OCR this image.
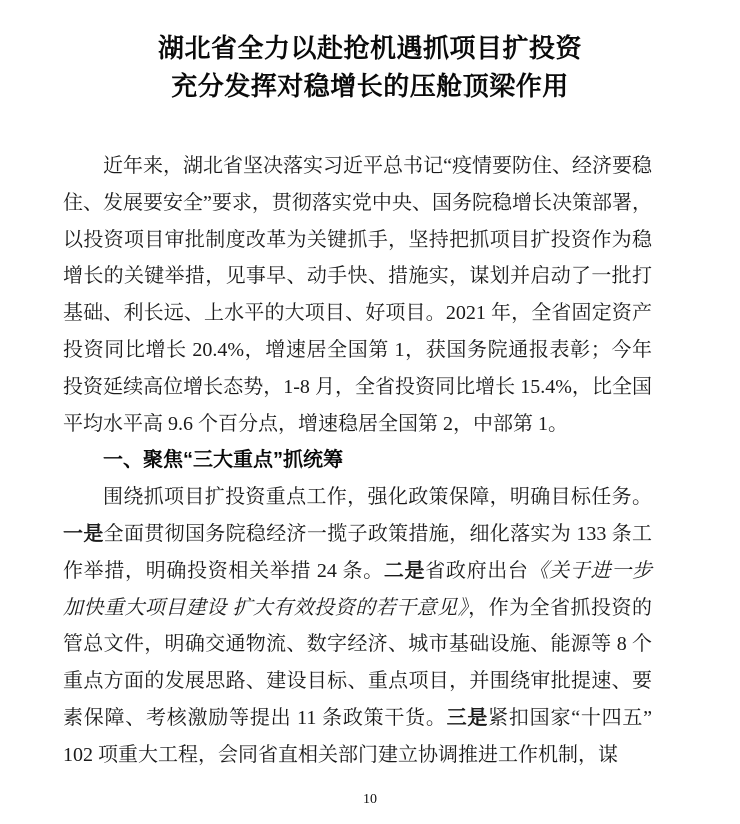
湖北省全力以赴抢机遇抓项目扩投资
充分发挥对稳增长的压舱顶梁作用

近年来，湖北省坚决落实习近平总书记“疫情要防住、经济要稳住、发展要安全”要求，贯彻落实党中央、国务院稳增长决策部署，以投资项目审批制度改革为关键抓手，坚持把抓项目扩投资作为稳增长的关键举措，见事早、动手快、措施实，谋划并启动了一批打基础、利长远、上水平的大项目、好项目。2021 年，全省固定资产投资同比增长 20.4%，增速居全国第 1，获国务院通报表彰；今年投资延续高位增长态势，1-8 月，全省投资同比增长 15.4%，比全国平均水平高 9.6 个百分点，增速稳居全国第 2，中部第 1。

一、聚焦“三大重点”抓统筹

围绕抓项目扩投资重点工作，强化政策保障，明确目标任务。一是全面贯彻国务院稳经济一揽子政策措施，细化落实为 133 条工作举措，明确投资相关举措 24 条。二是省政府出台《关于进一步加快重大项目建设 扩大有效投资的若干意见》，作为全省抓投资的管总文件，明确交通物流、数字经济、城市基础设施、能源等 8 个重点方面的发展思路、建设目标、重点项目，并围绕审批提速、要素保障、考核激励等提出 11 条政策干货。三是紧扣国家“十四五”102 项重大工程，会同省直相关部门建立协调推进工作机制，谋

10
